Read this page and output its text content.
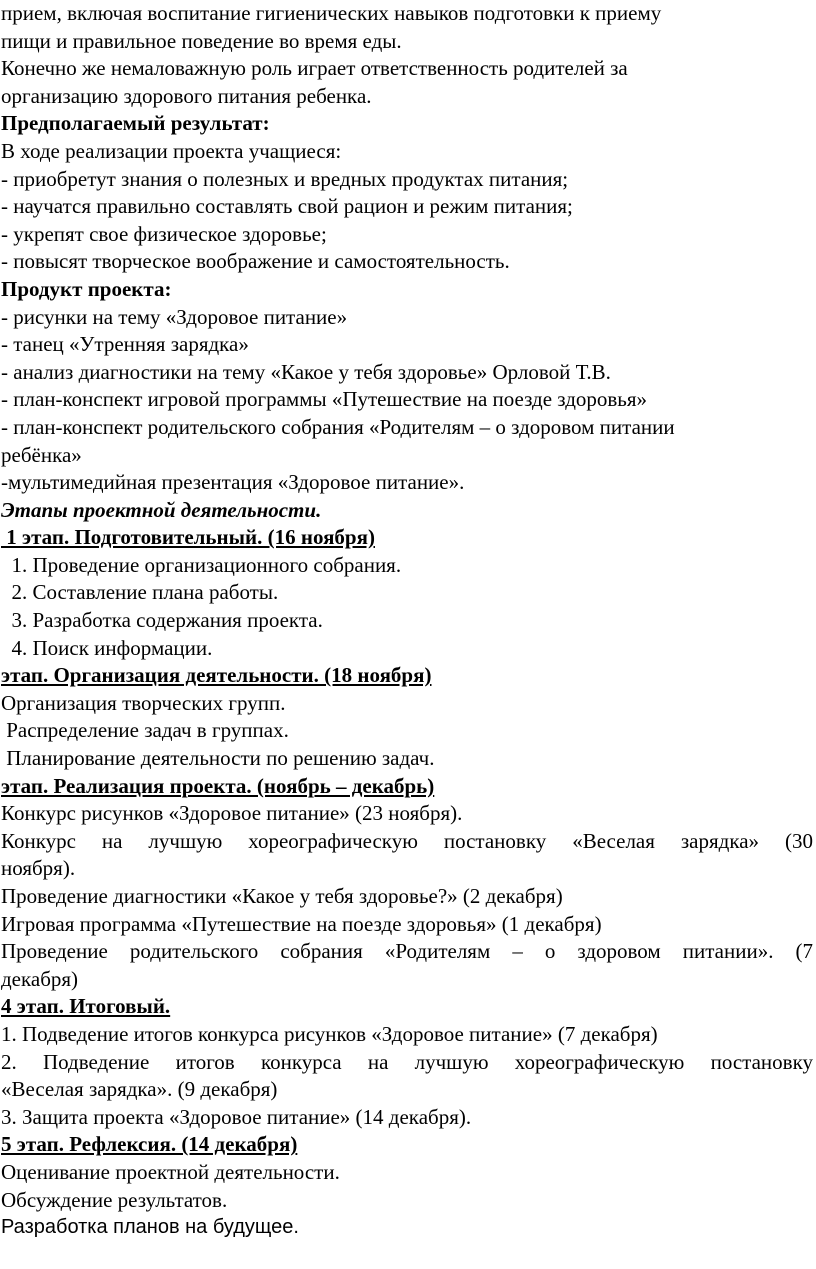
прием, включая воспитание гигиенических навыков подготовки к приему
пищи и правильное поведение во время еды.
Конечно же немаловажную роль играет ответственность родителей за
организацию здорового питания ребенка.
Предполагаемый результат:
В ходе реализации проекта учащиеся:
- приобретут знания о полезных и вредных продуктах питания;
- научатся правильно составлять свой рацион и режим питания;
- укрепят свое физическое здоровье;
- повысят творческое воображение и самостоятельность.
Продукт проекта:
- рисунки на тему «Здоровое питание»
- танец «Утренняя зарядка»
- анализ диагностики на тему «Какое у тебя здоровье» Орловой Т.В.
- план-конспект игровой программы «Путешествие на поезде здоровья»
- план-конспект родительского собрания «Родителям – о здоровом питании
ребёнка»
-мультимедийная презентация «Здоровое питание».
Этапы проектной деятельности.
1 этап. Подготовительный. (16 ноября)
1. Проведение организационного собрания.
2. Составление плана работы.
3. Разработка содержания проекта.
4. Поиск информации.
этап. Организация деятельности. (18 ноября)
Организация творческих групп.
Распределение задач в группах.
Планирование деятельности по решению задач.
этап. Реализация проекта. (ноябрь – декабрь)
Конкурс рисунков «Здоровое питание» (23 ноября).
Конкурс на лучшую хореографическую постановку «Веселая зарядка» (30
ноября).
Проведение диагностики «Какое у тебя здоровье?» (2 декабря)
Игровая программа «Путешествие на поезде здоровья» (1 декабря)
Проведение родительского собрания «Родителям – о здоровом питании». (7
декабря)
4 этап. Итоговый.
1. Подведение итогов конкурса рисунков «Здоровое питание» (7 декабря)
2. Подведение итогов конкурса на лучшую хореографическую постановку
«Веселая зарядка». (9 декабря)
3. Защита проекта «Здоровое питание» (14 декабря).
5 этап. Рефлексия. (14 декабря)
Оценивание проектной деятельности.
Обсуждение результатов.
Разработка планов на будущее.
